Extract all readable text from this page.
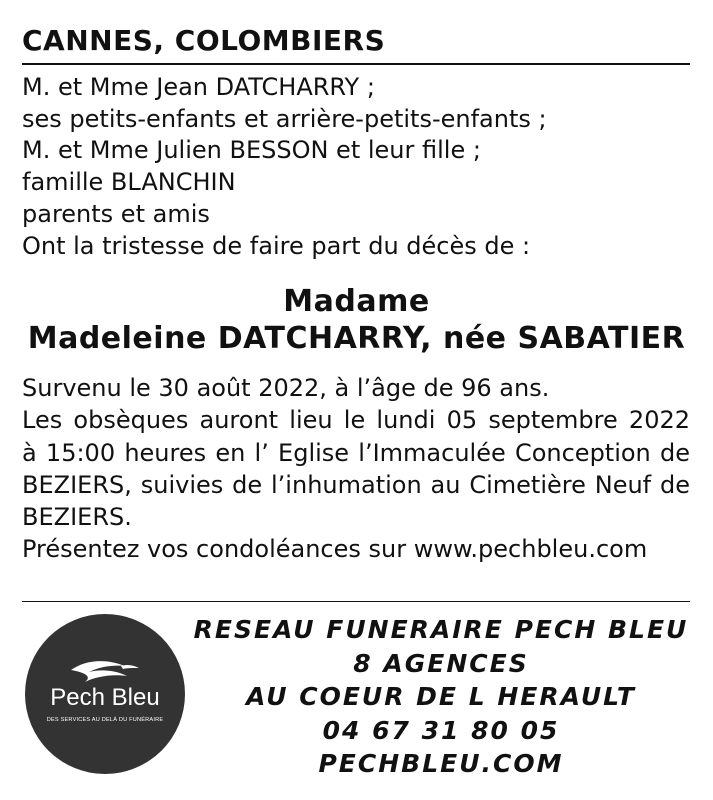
CANNES, COLOMBIERS
M. et Mme Jean DATCHARRY ;
ses petits-enfants et arrière-petits-enfants ;
M. et Mme Julien BESSON et leur fille ;
famille BLANCHIN
parents et amis
Ont la tristesse de faire part du décès de :
Madame
Madeleine DATCHARRY, née SABATIER
Survenu le 30 août 2022, à l’âge de 96 ans.
Les obsèques auront lieu le lundi 05 septembre 2022
à 15:00 heures en l’ Eglise l’Immaculée Conception de
BEZIERS, suivies de l’inhumation au Cimetière Neuf de
BEZIERS.
Présentez vos condoléances sur www.pechbleu.com
Pech Bleu
DES SERVICES AU DELÀ DU FUNÉRAIRE
RESEAU FUNERAIRE PECH BLEU
8 AGENCES
AU COEUR DE L HERAULT
04 67 31 80 05
PECHBLEU.COM
